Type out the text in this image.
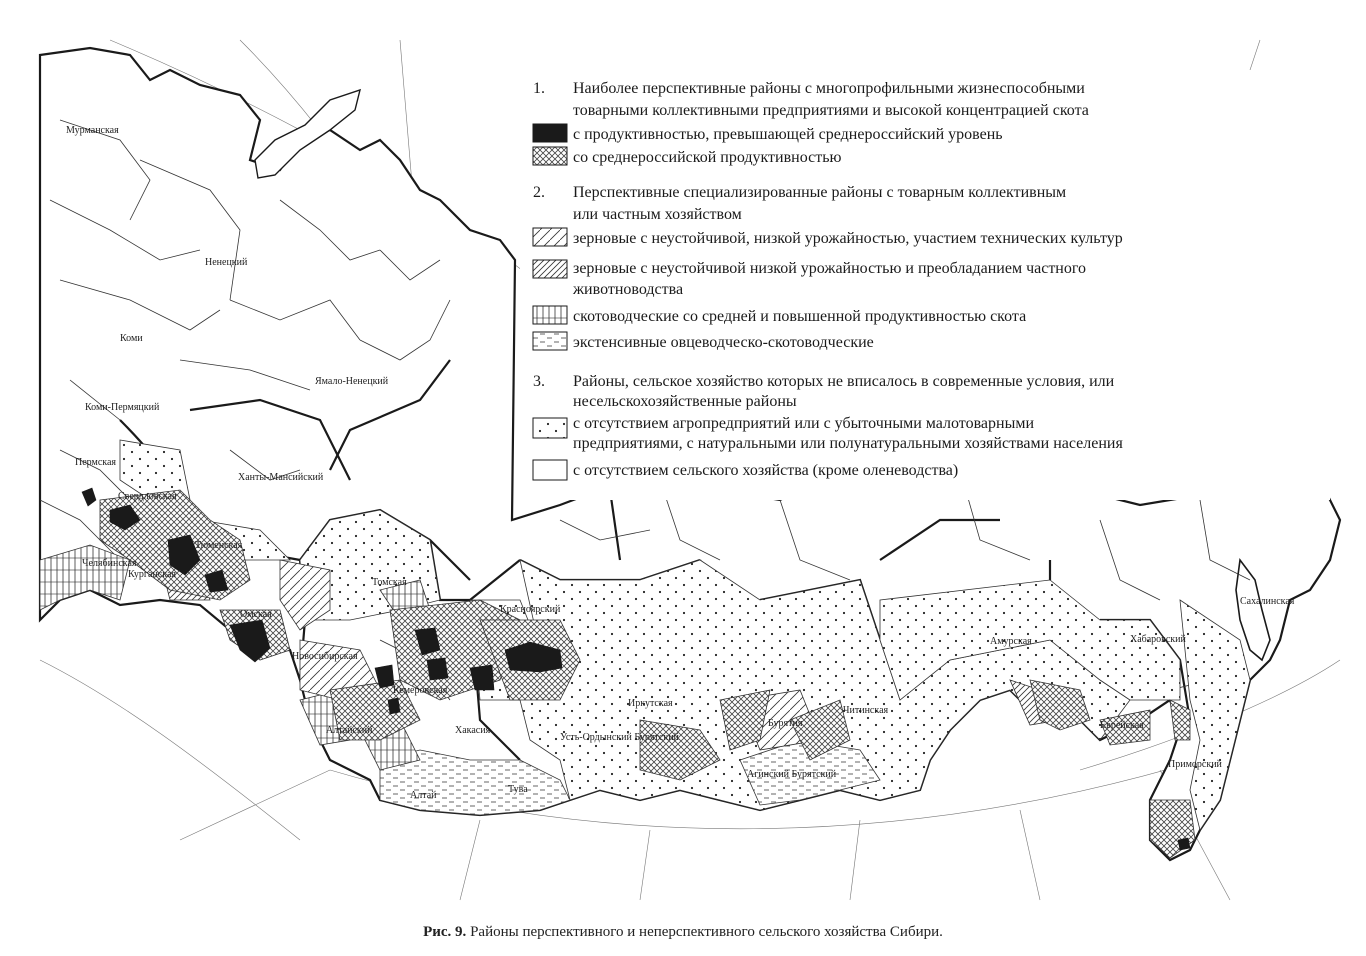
Мурманская
Ненецкий
Коми
Коми-Пермяцкий
Пермская
Свердловская
Тюменская
Челябинская
Курганская
Ямало-Ненецкий
Ханты-Мансийский
Омская
Томская
Новосибирская
Кемеровская
Алтайский
Алтай
Хакасия
Тува
Красноярский
Иркутская
Усть-Ордынский Бурятский
Бурятия
Читинская
Агинский Бурятский
Амурская
Еврейская
Хабаровский
Приморский
Сахалинская
1. Наиболее перспективные районы с многопрофильными жизнеспособными
товарными коллективными предприятиями и высокой концентрацией скота
с продуктивностью, превышающей среднероссийский уровень
со среднероссийской продуктивностью
2. Перспективные специализированные районы с товарным коллективным
или частным хозяйством
зерновые с неустойчивой, низкой урожайностью, участием технических культур
зерновые с неустойчивой низкой урожайностью и преобладанием частного
животноводства
скотоводческие со средней и повышенной продуктивностью скота
экстенсивные овцеводческо-скотоводческие
3. Районы, сельское хозяйство которых не вписалось в современные условия, или
несельскохозяйственные районы
с отсутствием агропредприятий или с убыточными малотоварными
предприятиями, с натуральными или полунатуральными хозяйствами населения
с отсутствием сельского хозяйства (кроме оленеводства)
Рис. 9. Районы перспективного и неперспективного сельского хозяйства Сибири.
